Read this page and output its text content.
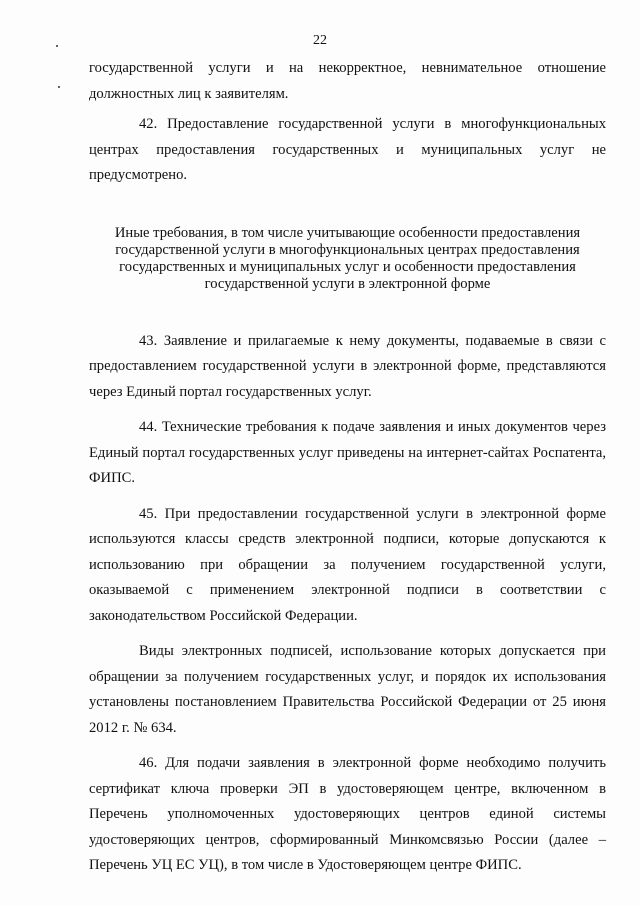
22

государственной услуги и на некорректное, невнимательное отношение должностных лиц к заявителям.

42. Предоставление государственной услуги в многофункциональных центрах предоставления государственных и муниципальных услуг не предусмотрено.

Иные требования, в том числе учитывающие особенности предоставления
государственной услуги в многофункциональных центрах предоставления
государственных и муниципальных услуг и особенности предоставления
государственной услуги в электронной форме

43. Заявление и прилагаемые к нему документы, подаваемые в связи с предоставлением государственной услуги в электронной форме, представляются через Единый портал государственных услуг.

44. Технические требования к подаче заявления и иных документов через Единый портал государственных услуг приведены на интернет-сайтах Роспатента, ФИПС.

45. При предоставлении государственной услуги в электронной форме используются классы средств электронной подписи, которые допускаются к использованию при обращении за получением государственной услуги, оказываемой с применением электронной подписи в соответствии с законодательством Российской Федерации.

Виды электронных подписей, использование которых допускается при обращении за получением государственных услуг, и порядок их использования установлены постановлением Правительства Российской Федерации от 25 июня 2012 г. № 634.

46. Для подачи заявления в электронной форме необходимо получить сертификат ключа проверки ЭП в удостоверяющем центре, включенном в Перечень уполномоченных удостоверяющих центров единой системы удостоверяющих центров, сформированный Минкомсвязью России (далее – Перечень УЦ ЕС УЦ), в том числе в Удостоверяющем центре ФИПС.
